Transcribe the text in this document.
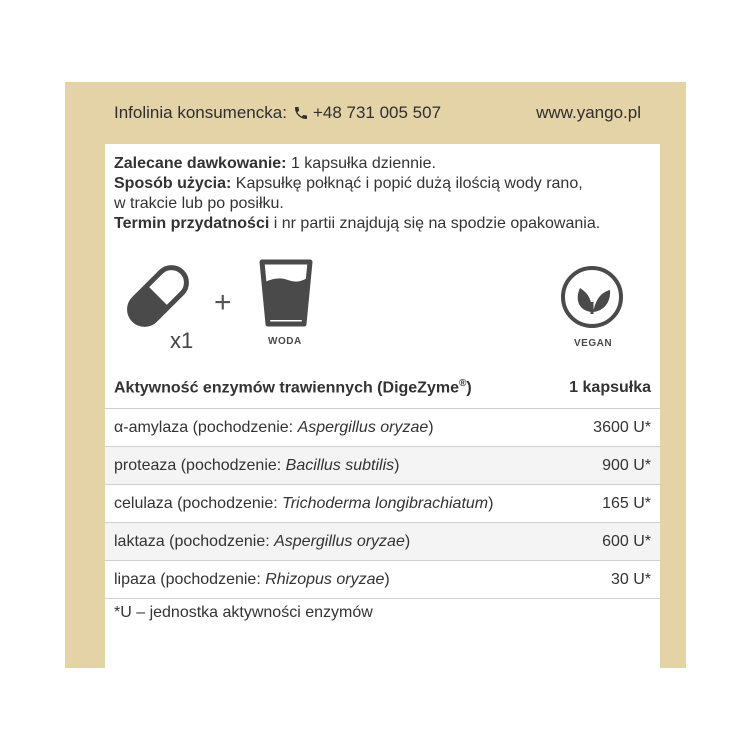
Infolinia konsumencka: +48 731 005 507	www.yango.pl

Zalecane dawkowanie: 1 kapsułka dziennie.

Sposób użycia: Kapsułkę połknąć i popić dużą ilością wody rano,

w trakcie lub po posiłku.

Termin przydatności i nr partii znajdują się na spodzie opakowania.

x1
+
WODA	VEGAN
Aktywność enzymów trawiennych (DigeZyme®)	1 kapsułka
α-amylaza (pochodzenie: Aspergillus oryzae)	3600 U*
proteaza (pochodzenie: Bacillus subtilis)	900 U*
celulaza (pochodzenie: Trichoderma longibrachiatum)	165 U*
laktaza (pochodzenie: Aspergillus oryzae)	600 U*
lipaza (pochodzenie: Rhizopus oryzae)	30 U*
*U – jednostka aktywności enzymów
